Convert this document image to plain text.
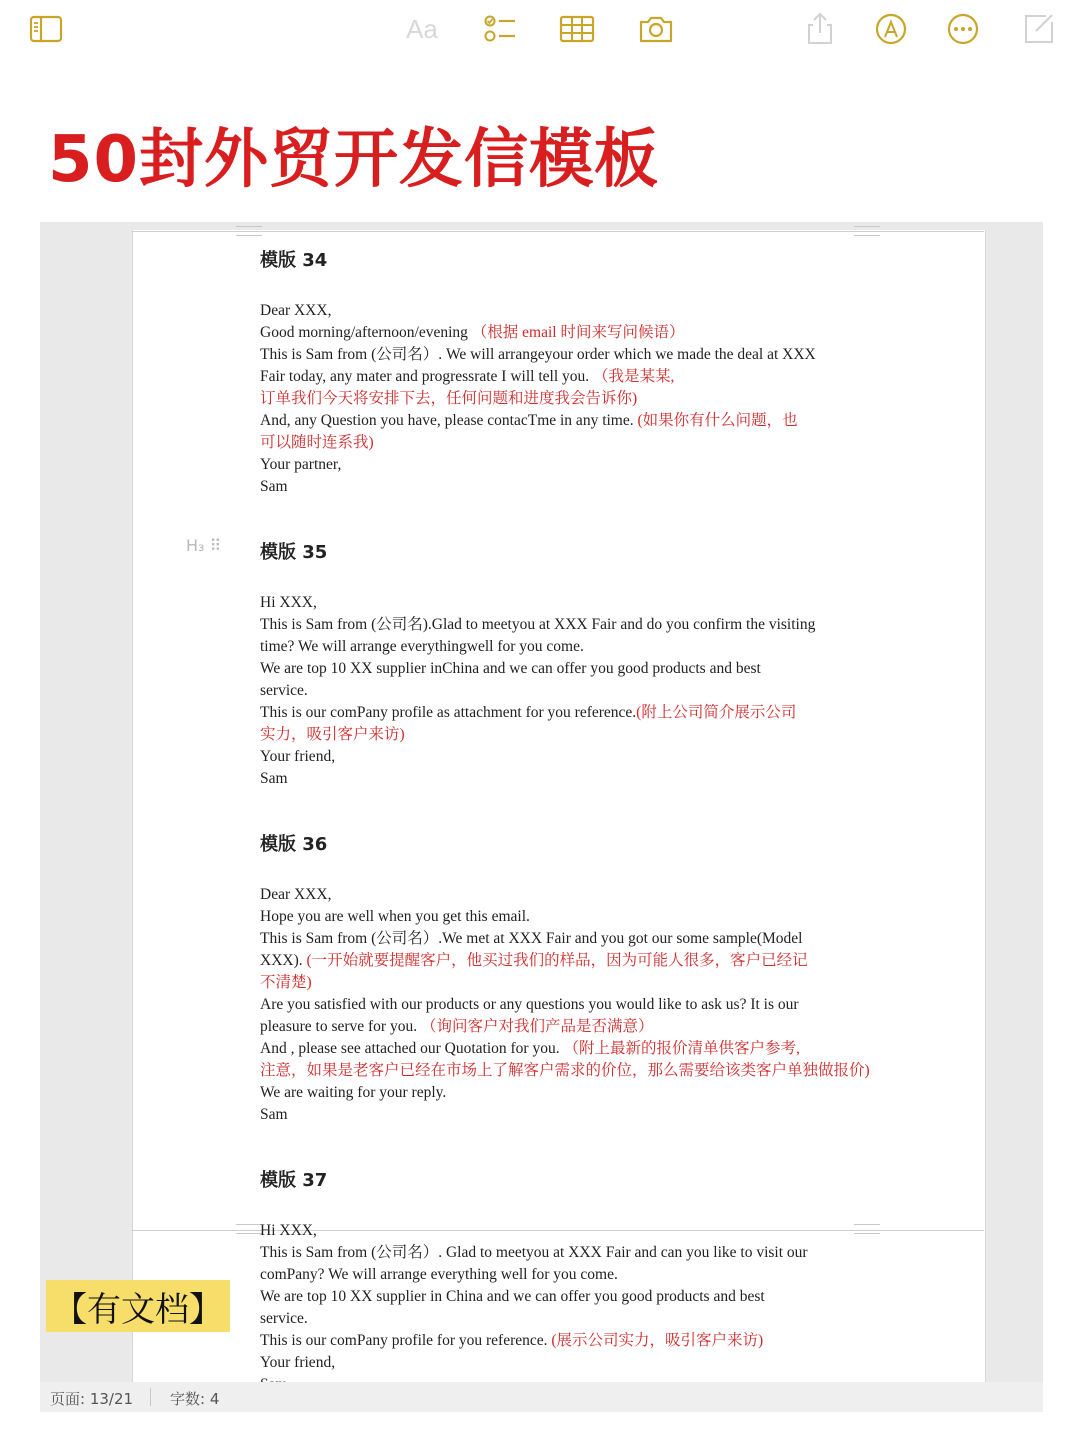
Aa
50封外贸开发信模板
H₃ ⠿
模版 34
Dear XXX,
Good morning/afternoon/evening （根据 email 时间来写问候语）
This is Sam from (公司名）. We will arrangeyour order which we made the deal at XXX
Fair today, any mater and progressrate I will tell you. （我是某某,
订单我们今天将安排下去，任何问题和进度我会告诉你)
And, any Question you have, please contacTme in any time. (如果你有什么问题，也
可以随时连系我)
Your partner,
Sam
模版 35
Hi XXX,
This is Sam from (公司名).Glad to meetyou at XXX Fair and do you confirm the visiting
time? We will arrange everythingwell for you come.
We are top 10 XX supplier inChina and we can offer you good products and best
service.
This is our comPany profile as attachment for you reference.(附上公司简介展示公司
实力，吸引客户来访)
Your friend,
Sam
模版 36
Dear XXX,
Hope you are well when you get this email.
This is Sam from (公司名）.We met at XXX Fair and you got our some sample(Model
XXX). (一开始就要提醒客户，他买过我们的样品，因为可能人很多，客户已经记
不清楚)
Are you satisfied with our products or any questions you would like to ask us? It is our
pleasure to serve for you. （询问客户对我们产品是否满意）
And , please see attached our Quotation for you. （附上最新的报价清单供客户参考,
注意，如果是老客户已经在市场上了解客户需求的价位，那么需要给该类客户单独做报价)
We are waiting for your reply.
Sam
模版 37
Hi XXX,
This is Sam from (公司名）. Glad to meetyou at XXX Fair and can you like to visit our
comPany? We will arrange everything well for you come.
We are top 10 XX supplier in China and we can offer you good products and best
service.
This is our comPany profile for you reference. (展示公司实力，吸引客户来访)
Your friend,
【有文档】
页面: 13/21 字数: 4
